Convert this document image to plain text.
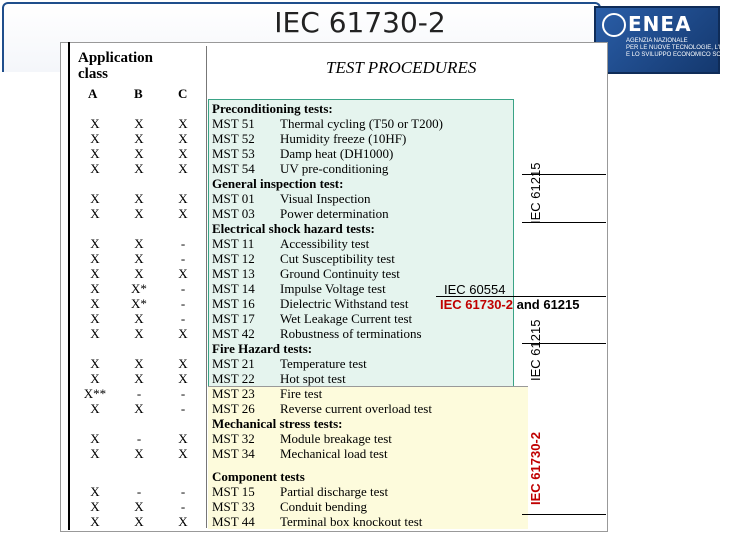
IEC 61730-2	ENEA
AGENZIA NAZIONALE
PER LE NUOVE TECNOLOGIE, L'ENERGIA
E LO SVILUPPO ECONOMICO SOSTENIBILE
Application class
A	B	C
TEST PROCEDURES
Preconditioning tests:
X	X	X	MST 51 Thermal cycling (T50 or T200)
X	X	X	MST 52 Humidity freeze (10HF)
X	X	X	MST 53 Damp heat (DH1000)
X	X	X	MST 54 UV pre-conditioning
General inspection test:
X	X	X	MST 01 Visual Inspection
X	X	X	MST 03 Power determination
Electrical shock hazard tests:
X	X	-	MST 11 Accessibility test
X	X	-	MST 12 Cut Susceptibility test
X	X	X	MST 13 Ground Continuity test
X	X*	-	MST 14 Impulse Voltage test
X	X*	-	MST 16 Dielectric Withstand test
X	X	-	MST 17 Wet Leakage Current test
X	X	X	MST 42 Robustness of terminations
Fire Hazard tests:
X	X	X	MST 21 Temperature test
X	X	X	MST 22 Hot spot test
X**	-	-	MST 23 Fire test
X	X	-	MST 26 Reverse current overload test
Mechanical stress tests:
X	-	X	MST 32 Module breakage test
X	X	X	MST 34 Mechanical load test
Component tests
X	-	-	MST 15 Partial discharge test
X	X	-	MST 33 Conduit bending
X	X	X	MST 44 Terminal box knockout test
IEC 61215
IEC 60554
IEC 61730-2 and 61215
IEC 61215
IEC 61730-2
